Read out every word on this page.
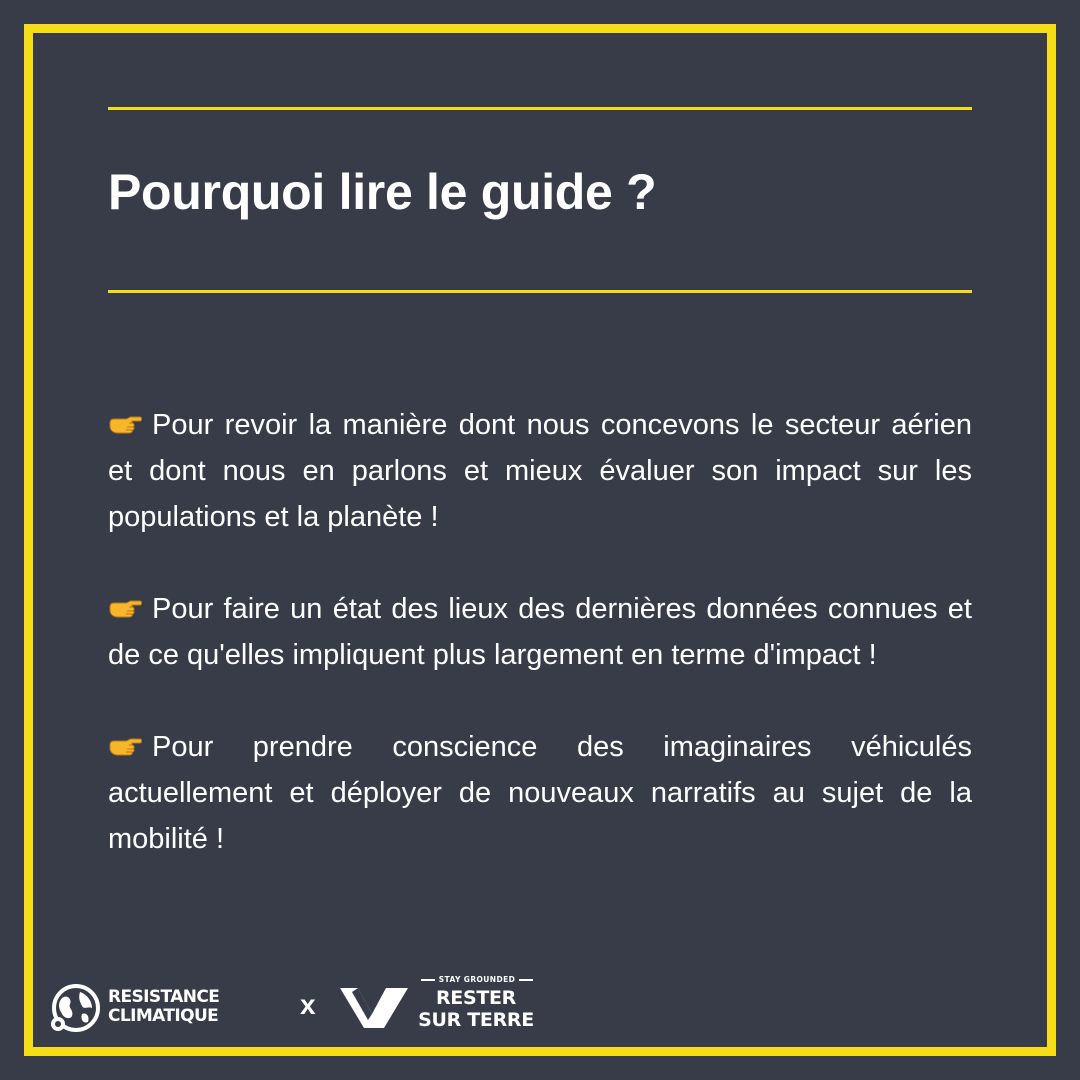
Pourquoi lire le guide ?

Pour revoir la manière dont nous concevons le secteur aérien et dont nous en parlons et mieux évaluer son impact sur les populations et la planète !

Pour faire un état des lieux des dernières données connues et de ce qu'elles impliquent plus largement en terme d'impact !

Pour prendre conscience des imaginaires véhiculés actuellement et déployer de nouveaux narratifs au sujet de la mobilité !

RESISTANCE
CLIMATIQUE	x
STAY GROUNDED
RESTER
SUR TERRE
